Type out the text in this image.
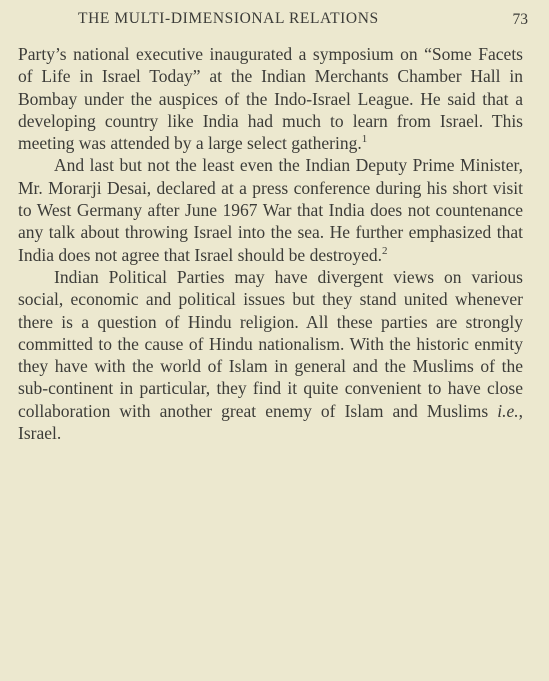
THE MULTI-DIMENSIONAL RELATIONS	73

Party’s national executive inaugurated a symposium on “Some Facets of Life in Israel Today” at the Indian Merchants Chamber Hall in Bombay under the auspices of the Indo-Israel League. He said that a developing country like India had much to learn from Israel. This meeting was attended by a large select gathering.$^1$

And last but not the least even the Indian Deputy Prime Minister, Mr. Morarji Desai, declared at a press conference during his short visit to West Germany after June 1967 War that India does not countenance any talk about throwing Israel into the sea. He further emphasized that India does not agree that Israel should be destroyed.$^2$

Indian Political Parties may have divergent views on various social, economic and political issues but they stand united whenever there is a question of Hindu religion. All these parties are strongly committed to the cause of Hindu nationalism. With the historic enmity they have with the world of Islam in general and the Muslims of the sub-continent in particular, they find it quite convenient to have close collaboration with another great enemy of Islam and Muslims i.e., Israel.
